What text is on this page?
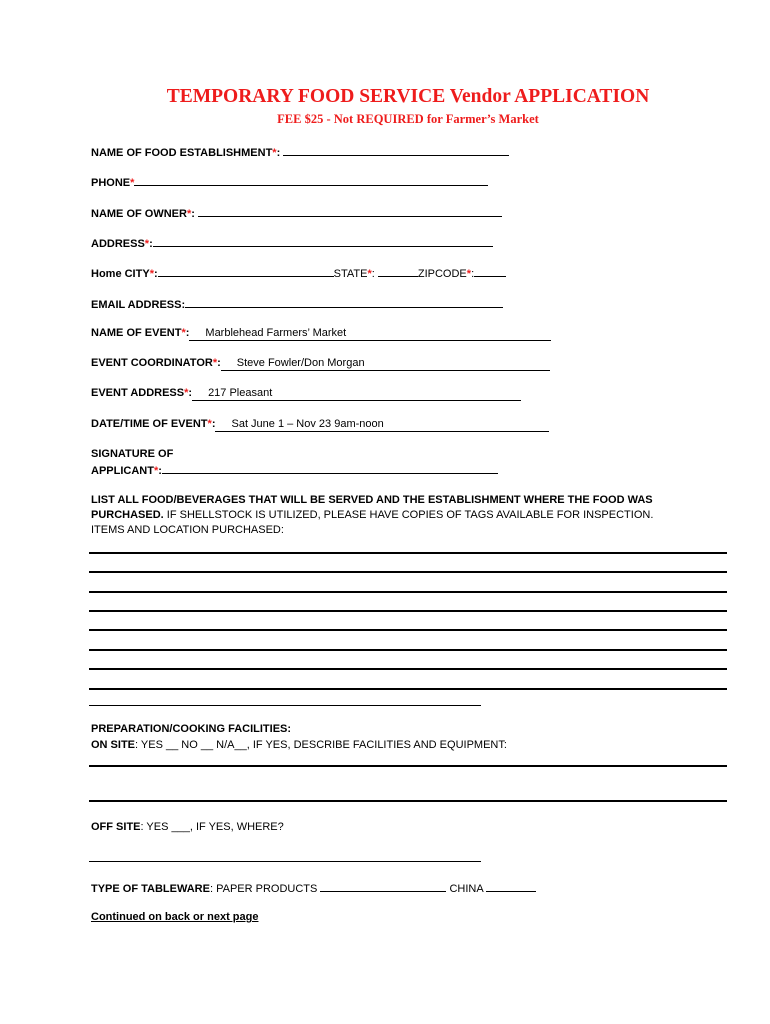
TEMPORARY FOOD SERVICE Vendor APPLICATION
FEE $25 - Not REQUIRED for Farmer’s Market
NAME OF FOOD ESTABLISHMENT*:
PHONE*
NAME OF OWNER*:
ADDRESS*:
Home CITY*:	STATE*:	ZIPCODE*:
EMAIL ADDRESS:
NAME OF EVENT*: Marblehead Farmers’ Market
EVENT COORDINATOR*: Steve Fowler/Don Morgan
EVENT ADDRESS*: 217 Pleasant
DATE/TIME OF EVENT*: Sat June 1 – Nov 23 9am-noon
SIGNATURE OF
APPLICANT*:
LIST ALL FOOD/BEVERAGES THAT WILL BE SERVED AND THE ESTABLISHMENT WHERE THE FOOD WAS PURCHASED. IF SHELLSTOCK IS UTILIZED, PLEASE HAVE COPIES OF TAGS AVAILABLE FOR INSPECTION.
ITEMS AND LOCATION PURCHASED:
PREPARATION/COOKING FACILITIES:
ON SITE: YES __ NO __ N/A__, IF YES, DESCRIBE FACILITIES AND EQUIPMENT:
OFF SITE: YES ___, IF YES, WHERE?
TYPE OF TABLEWARE: PAPER PRODUCTS	CHINA
Continued on back or next page
